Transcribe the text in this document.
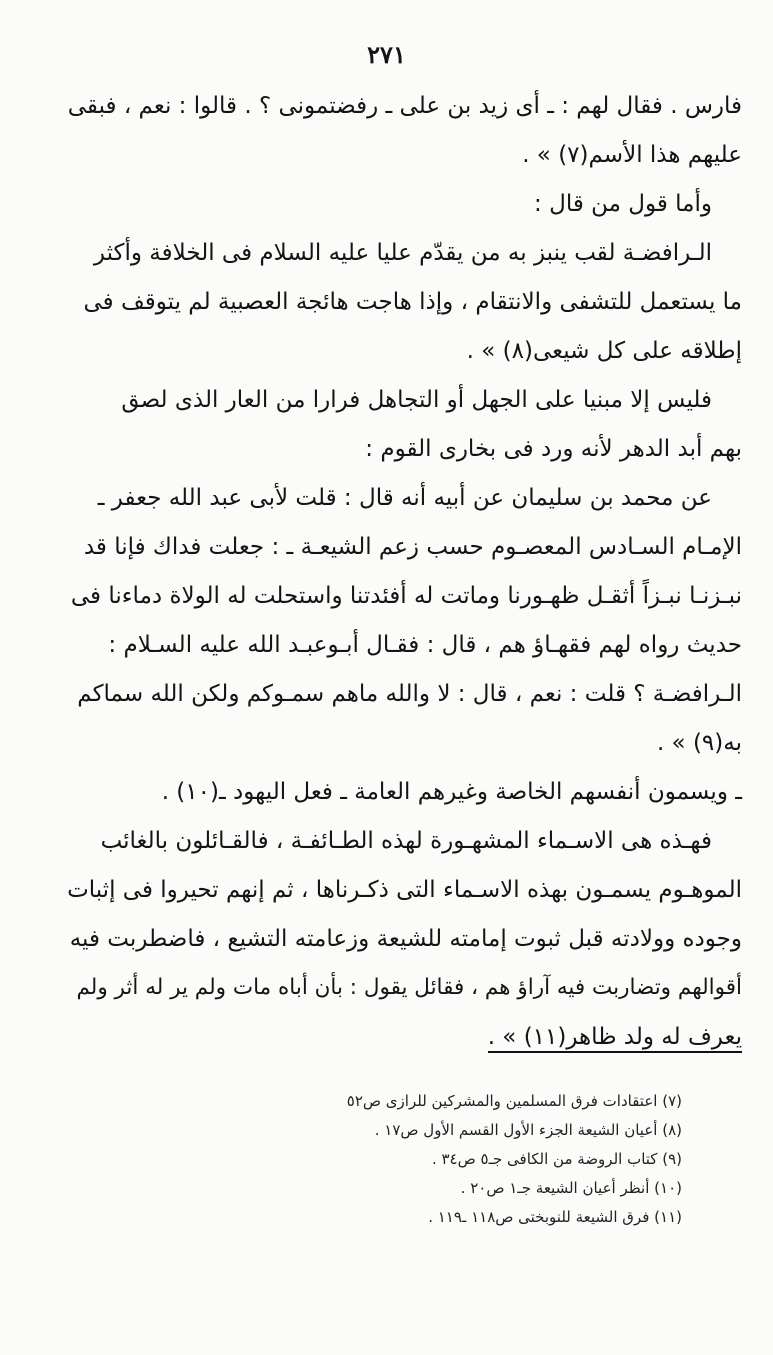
٢٧١
فارس . فقال لهم : ـ أى زيد بن على ـ رفضتمونى ؟ . قالوا : نعم ، فبقى
عليهم هذا الأسم(٧) » .
وأما قول من قال :
الـرافضـة لقب ينبز به من يقدّم عليا عليه السلام فى الخلافة وأكثر
ما يستعمل للتشفى والانتقام ، وإذا هاجت هائجة العصبية لم يتوقف فى
إطلاقه على كل شيعى(٨) » .
فليس إلا مبنيا على الجهل أو التجاهل فرارا من العار الذى لصق
بهم أبد الدهر لأنه ورد فى بخارى القوم :
عن محمد بن سليمان عن أبيه أنه قال : قلت لأبى عبد الله جعفر ـ
الإمـام السـادس المعصـوم حسب زعم الشيعـة ـ : جعلت فداك فإنا قد
نبـزنـا نبـزاً أثقـل ظهـورنا وماتت له أفئدتنا واستحلت له الولاة دماءنا فى
حديث رواه لهم فقهـاؤ هم ، قال : فقـال أبـوعبـد الله عليه السـلام :
الـرافضـة ؟ قلت : نعم ، قال : لا والله ماهم سمـوكم ولكن الله سماكم
به(٩) » .
ـ ويسمون أنفسهم الخاصة وغيرهم العامة ـ فعل اليهود ـ(١٠) .
فهـذه هى الاسـماء المشهـورة لهذه الطـائفـة ، فالقـائلون بالغائب
الموهـوم يسمـون بهذه الاسـماء التى ذكـرناها ، ثم إنهم تحيروا فى إثبات
وجوده وولادته قبل ثبوت إمامته للشيعة وزعامته التشيع ، فاضطربت فيه
أقوالهم وتضاربت فيه آراؤ هم ، فقائل يقول : بأن أباه مات ولم ير له أثر ولم
يعرف له ولد ظاهر(١١) » .
(٧) اعتقادات فرق المسلمين والمشركين للرازى ص٥٢
(٨) أعيان الشيعة الجزء الأول القسم الأول ص١٧ .
(٩) كتاب الروضة من الكافى جـ٥ ص٣٤ .
(١٠) أنظر أعيان الشيعة جـ١ ص٢٠ .
(١١) فرق الشيعة للنوبختى ص١١٨ ـ١١٩ .
